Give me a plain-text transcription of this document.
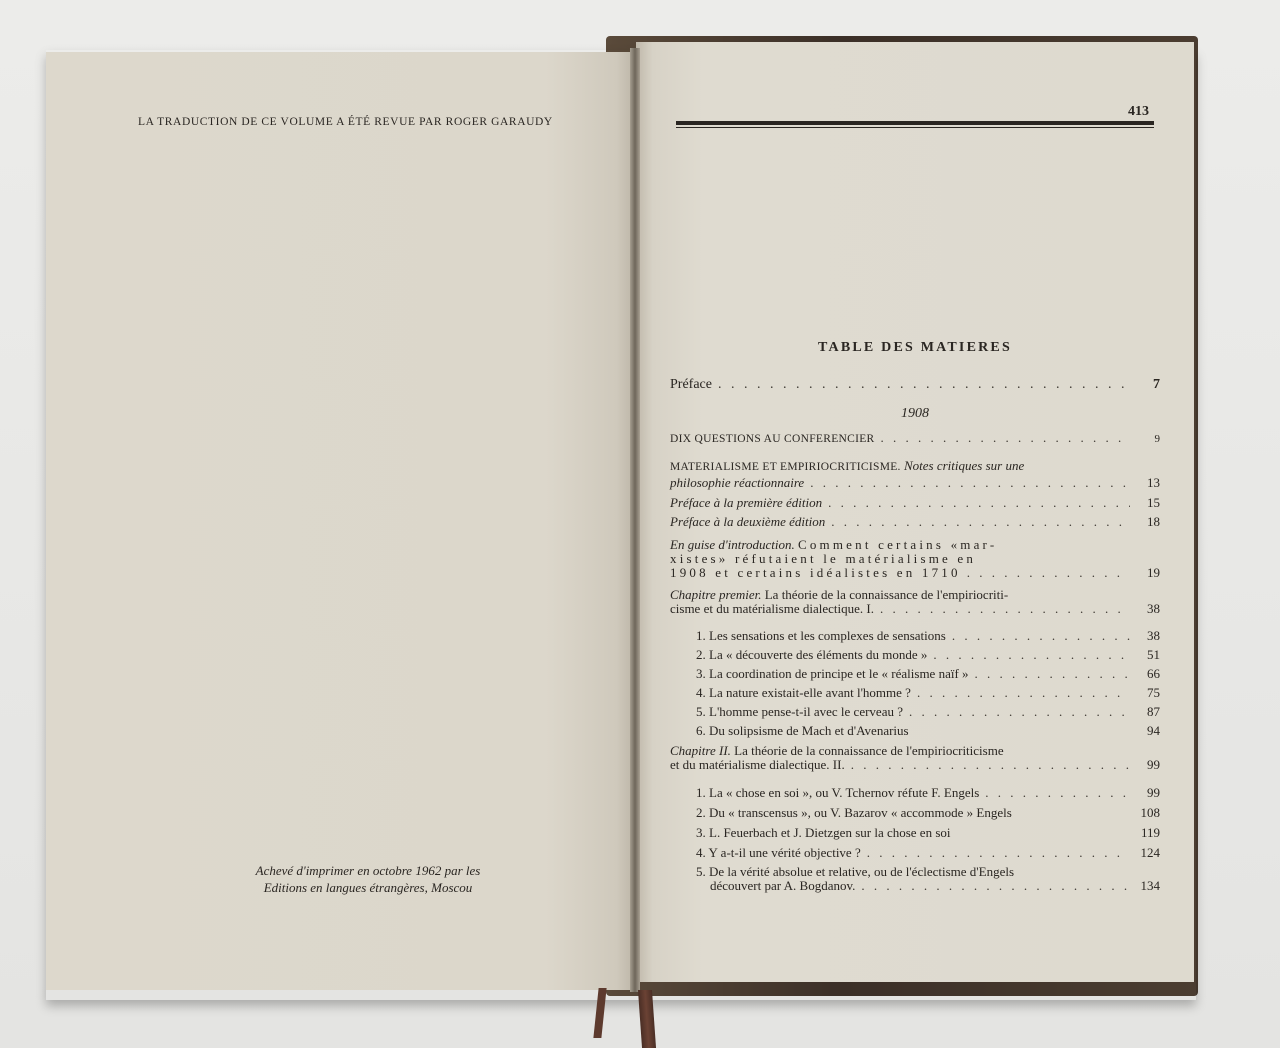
LA TRADUCTION DE CE VOLUME A ÉTÉ REVUE PAR ROGER GARAUDY
Achevé d'imprimer en octobre 1962 par les
Editions en langues étrangères, Moscou
413
TABLE DES MATIERES
Préface . . .	7
1908
DIX QUESTIONS AU CONFERENCIER . . .	9
MATERIALISME ET EMPIRIOCRITICISME. Notes critiques sur une
philosophie réactionnaire . . .	13
Préface à la première édition . . .	15
Préface à la deuxième édition . . .	18
En guise d'introduction. Comment certains «mar-
xistes» réfutaient le matérialisme en
1908 et certains idéalistes en 1710 . . .	19
Chapitre premier. La théorie de la connaissance de l'empiriocriti-
cisme et du matérialisme dialectique. I. . . .	38
1. Les sensations et les complexes de sensations . . .	38
2. La « découverte des éléments du monde » . . .	51
3. La coordination de principe et le « réalisme naïf » . . .	66
4. La nature existait-elle avant l'homme ? . . .	75
5. L'homme pense-t-il avec le cerveau ? . . .	87
6. Du solipsisme de Mach et d'Avenarius	94
Chapitre II. La théorie de la connaissance de l'empiriocriticisme
et du matérialisme dialectique. II. . . .	99
1. La « chose en soi », ou V. Tchernov réfute F. Engels . . .	99
2. Du « transcensus », ou V. Bazarov « accommode » Engels	108
3. L. Feuerbach et J. Dietzgen sur la chose en soi	119
4. Y a-t-il une vérité objective ? . . .	124
5. De la vérité absolue et relative, ou de l'éclectisme d'Engels
découvert par A. Bogdanov. . . .	134
